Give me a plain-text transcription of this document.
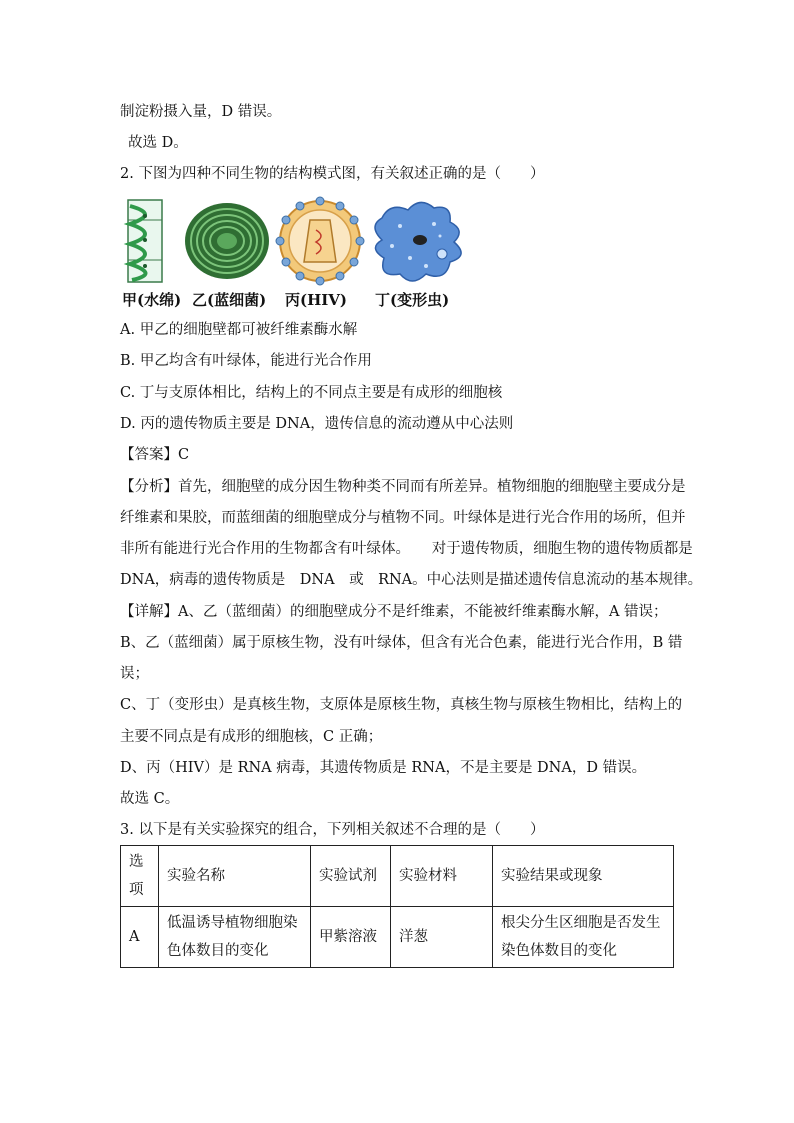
制淀粉摄入量，D 错误。
故选 D。
2. 下图为四种不同生物的结构模式图，有关叙述正确的是（　　）
甲(水绵) 乙(蓝细菌) 丙(HIV) 丁(变形虫)
A. 甲乙的细胞壁都可被纤维素酶水解
B. 甲乙均含有叶绿体，能进行光合作用
C. 丁与支原体相比，结构上的不同点主要是有成形的细胞核
D. 丙的遗传物质主要是 DNA，遗传信息的流动遵从中心法则
【答案】C
【分析】首先，细胞壁的成分因生物种类不同而有所差异。植物细胞的细胞壁主要成分是
纤维素和果胶，而蓝细菌的细胞壁成分与植物不同。叶绿体是进行光合作用的场所，但并
非所有能进行光合作用的生物都含有叶绿体。　　对于遗传物质，细胞生物的遗传物质都是
DNA，病毒的遗传物质是　DNA　或　RNA。中心法则是描述遗传信息流动的基本规律。
【详解】A、乙（蓝细菌）的细胞壁成分不是纤维素，不能被纤维素酶水解，A 错误；
B、乙（蓝细菌）属于原核生物，没有叶绿体，但含有光合色素，能进行光合作用，B 错
误；
C、丁（变形虫）是真核生物，支原体是原核生物，真核生物与原核生物相比，结构上的
主要不同点是有成形的细胞核，C 正确；
D、丙（HIV）是 RNA 病毒，其遗传物质是 RNA，不是主要是 DNA，D 错误。
故选 C。
3. 以下是有关实验探究的组合，下列相关叙述不合理的是（　　）
选
项	实验名称	实验试剂	实验材料	实验结果或现象
A	低温诱导植物细胞染
色体数目的变化	甲紫溶液	洋葱	根尖分生区细胞是否发生
染色体数目的变化
